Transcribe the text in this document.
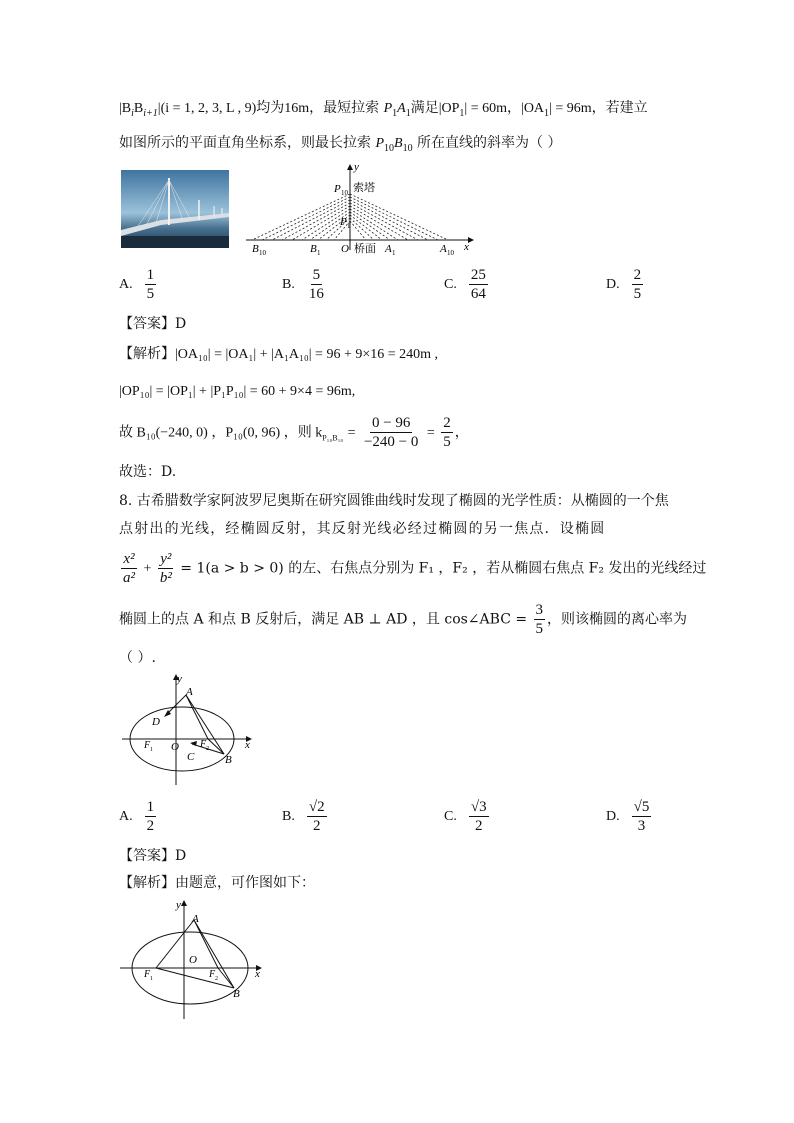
$|B_iB_{i+1}|(i = 1$, 2, 3, L , 9)均为16m，最短拉索 $P_1A_1$满足$|OP_1| = 60m$，$|OA_1| = 96m$，若建立
如图所示的平面直角坐标系，则最长拉索 $P_{10}B_{10}$ 所在直线的斜率为（ ）
y
x
P 10 索塔
P 1
O 桥面 A 1	A 10
B 1
B 10
A. $\frac{1}{5}$	B. $\frac{5}{16}$	C. $\frac{25}{64}$	D. $\frac{2}{5}$
【答案】D
【解析】|OA₁₀| = |OA₁| + |A₁A₁₀| = 96 + 9×16 = 240m ,
|OP₁₀| = |OP₁| + |P₁P₁₀| = 60 + 9×4 = 96m,
故 B₁₀(−240, 0) ，P₁₀(0, 96) ，则 $k_{P_{10}B_{10}} = \frac{0 - 96}{-240 - 0} = \frac{2}{5}$ ，
故选：D.
8. 古希腊数学家阿波罗尼奥斯在研究圆锥曲线时发现了椭圆的光学性质：从椭圆的一个焦
点射出的光线，经椭圆反射，其反射光线必经过椭圆的另一焦点．设椭圆
$\frac{\text{x²}}{\text{a²}} + \frac{\text{y²}}{\text{b²}} = 1(a > b > 0)$ 的左、右焦点分别为 F₁ ，F₂ ，若从椭圆右焦点 F₂ 发出的光线经过
椭圆上的点 A 和点 B 反射后，满足 AB ⊥ AD ，且 cos∠ABC = $\frac{3}{5}$ ，则该椭圆的离心率为
（ ）.
y
x
A
B
C
D
O
F 1	F 2
A. $\frac{1}{2}$	B. $\frac{√2}{2}$	C. $\frac{√3}{2}$	D. $\frac{√5}{3}$
【答案】D
【解析】由题意，可作图如下：
y
x
A
B
O
F 1	F 2
